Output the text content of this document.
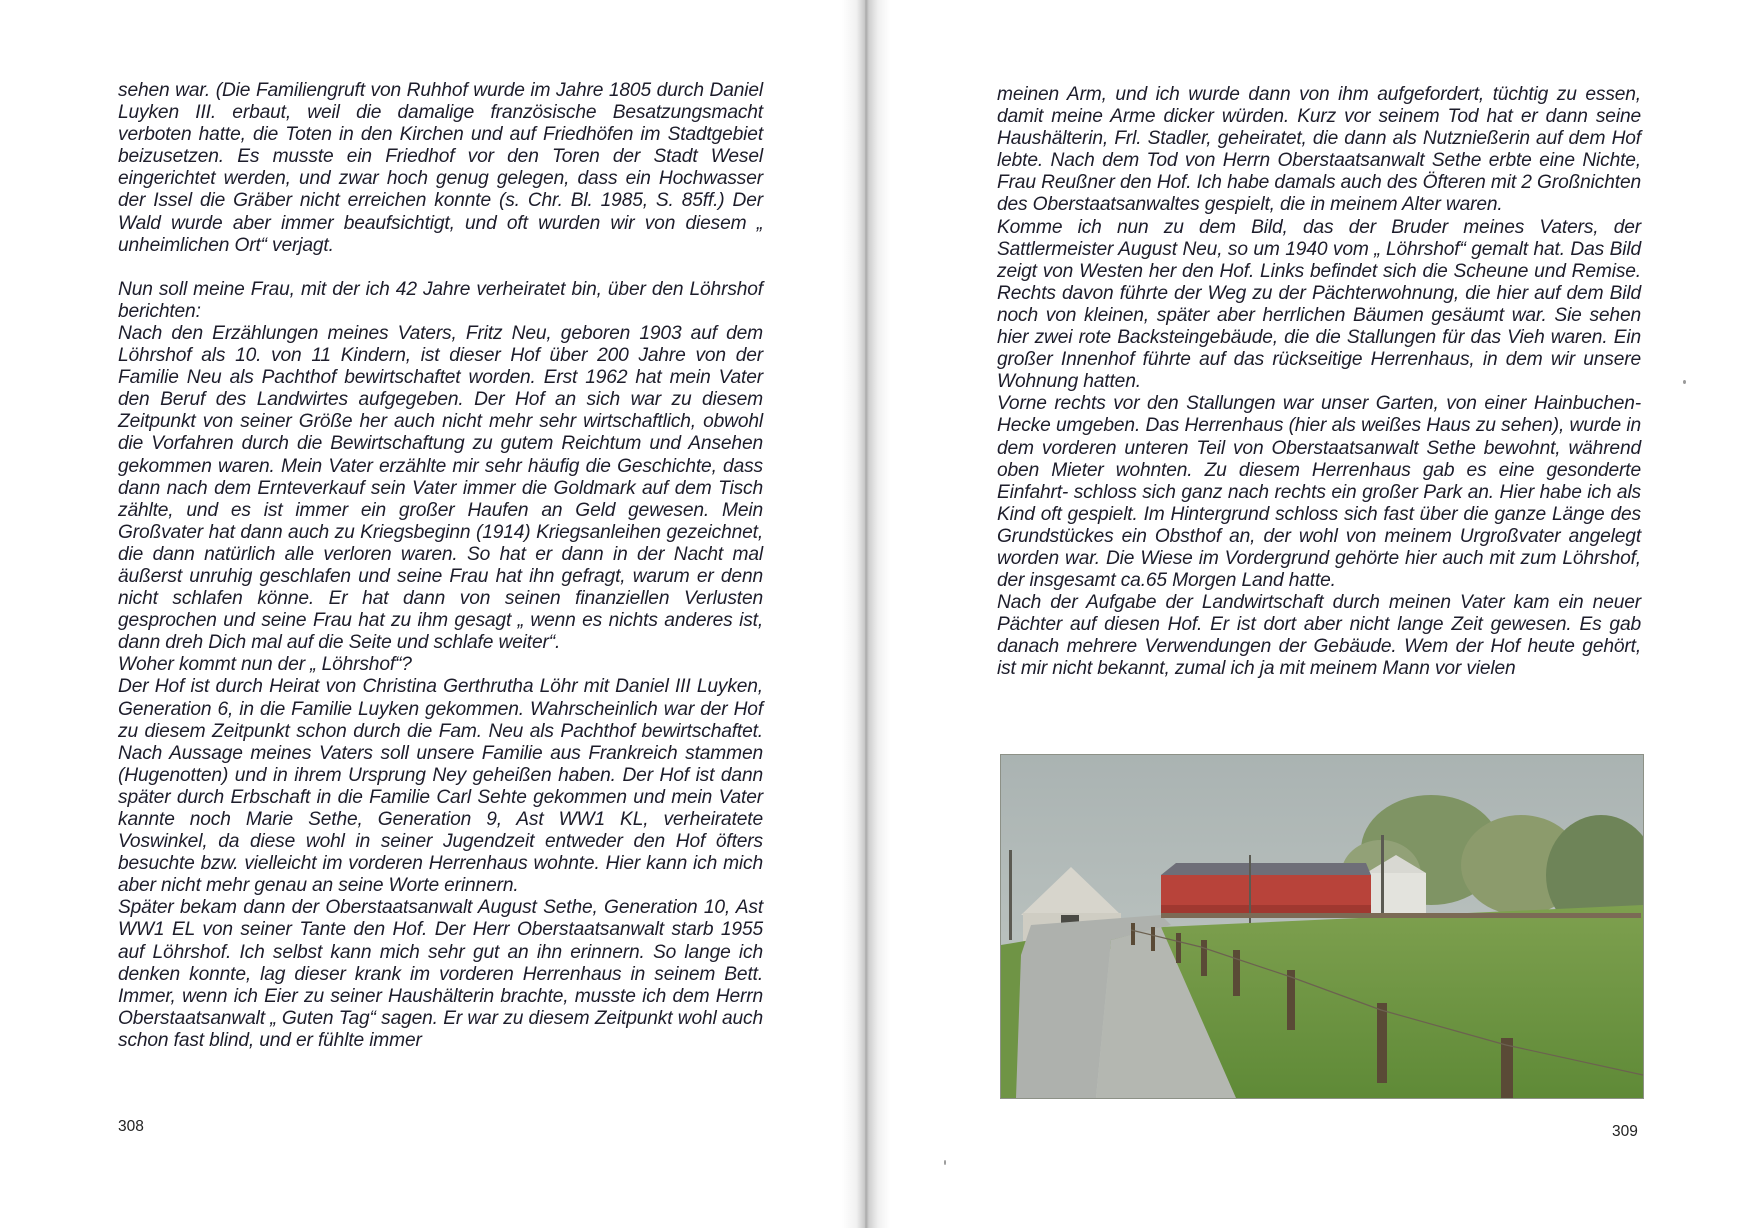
sehen war. (Die Familiengruft von Ruhhof wurde im Jahre 1805 durch Daniel Luyken III. erbaut, weil die damalige französische Besatzungsmacht verboten hatte, die Toten in den Kirchen und auf Friedhöfen im Stadtgebiet beizusetzen. Es musste ein Friedhof vor den Toren der Stadt Wesel eingerichtet werden, und zwar hoch genug gelegen, dass ein Hochwasser der Issel die Gräber nicht erreichen konnte (s. Chr. Bl. 1985, S. 85ff.) Der Wald wurde aber immer beaufsichtigt, und oft wurden wir von diesem „ unheimlichen Ort“ verjagt.

Nun soll meine Frau, mit der ich 42 Jahre verheiratet bin, über den Löhrshof berichten:

Nach den Erzählungen meines Vaters, Fritz Neu, geboren 1903 auf dem Löhrshof als 10. von 11 Kindern, ist dieser Hof über 200 Jahre von der Familie Neu als Pachthof bewirtschaftet worden. Erst 1962 hat mein Vater den Beruf des Landwirtes aufgegeben. Der Hof an sich war zu diesem Zeitpunkt von seiner Größe her auch nicht mehr sehr wirtschaftlich, obwohl die Vorfahren durch die Bewirtschaftung zu gutem Reichtum und Ansehen gekommen waren. Mein Vater erzählte mir sehr häufig die Geschichte, dass dann nach dem Ernteverkauf sein Vater immer die Goldmark auf dem Tisch zählte, und es ist immer ein großer Haufen an Geld gewesen. Mein Großvater hat dann auch zu Kriegsbeginn (1914) Kriegsanleihen gezeichnet, die dann natürlich alle verloren waren. So hat er dann in der Nacht mal äußerst unruhig geschlafen und seine Frau hat ihn gefragt, warum er denn nicht schlafen könne. Er hat dann von seinen finanziellen Verlusten gesprochen und seine Frau hat zu ihm gesagt „ wenn es nichts anderes ist, dann dreh Dich mal auf die Seite und schlafe weiter“.

Woher kommt nun der „ Löhrshof“?

Der Hof ist durch Heirat von Christina Gerthrutha Löhr mit Daniel III Luyken, Generation 6, in die Familie Luyken gekommen. Wahrscheinlich war der Hof zu diesem Zeitpunkt schon durch die Fam. Neu als Pachthof bewirtschaftet. Nach Aussage meines Vaters soll unsere Familie aus Frankreich stammen (Hugenotten) und in ihrem Ursprung Ney geheißen haben. Der Hof ist dann später durch Erbschaft in die Familie Carl Sehte gekommen und mein Vater kannte noch Marie Sethe, Generation 9, Ast WW1 KL, verheiratete Voswinkel, da diese wohl in seiner Jugendzeit entweder den Hof öfters besuchte bzw. vielleicht im vorderen Herrenhaus wohnte. Hier kann ich mich aber nicht mehr genau an seine Worte erinnern.

Später bekam dann der Oberstaatsanwalt August Sethe, Generation 10, Ast WW1 EL von seiner Tante den Hof. Der Herr Oberstaatsanwalt starb 1955 auf Löhrshof. Ich selbst kann mich sehr gut an ihn erinnern. So lange ich denken konnte, lag dieser krank im vorderen Herrenhaus in seinem Bett. Immer, wenn ich Eier zu seiner Haushälterin brachte, musste ich dem Herrn Oberstaatsanwalt „ Guten Tag“ sagen. Er war zu diesem Zeitpunkt wohl auch schon fast blind, und er fühlte immer

308

meinen Arm, und ich wurde dann von ihm aufgefordert, tüchtig zu essen, damit meine Arme dicker würden. Kurz vor seinem Tod hat er dann seine Haushälterin, Frl. Stadler, geheiratet, die dann als Nutznießerin auf dem Hof lebte. Nach dem Tod von Herrn Oberstaatsanwalt Sethe erbte eine Nichte, Frau Reußner den Hof. Ich habe damals auch des Öfteren mit 2 Großnichten des Oberstaatsanwaltes gespielt, die in meinem Alter waren.

Komme ich nun zu dem Bild, das der Bruder meines Vaters, der Sattlermeister August Neu, so um 1940 vom „ Löhrshof“ gemalt hat. Das Bild zeigt von Westen her den Hof. Links befindet sich die Scheune und Remise. Rechts davon führte der Weg zu der Pächterwohnung, die hier auf dem Bild noch von kleinen, später aber herrlichen Bäumen gesäumt war. Sie sehen hier zwei rote Backsteingebäude, die die Stallungen für das Vieh waren. Ein großer Innenhof führte auf das rückseitige Herrenhaus, in dem wir unsere Wohnung hatten.

Vorne rechts vor den Stallungen war unser Garten, von einer Hainbuchen-Hecke umgeben. Das Herrenhaus (hier als weißes Haus zu sehen), wurde in dem vorderen unteren Teil von Oberstaatsanwalt Sethe bewohnt, während oben Mieter wohnten. Zu diesem Herrenhaus gab es eine gesonderte Einfahrt- schloss sich ganz nach rechts ein großer Park an. Hier habe ich als Kind oft gespielt. Im Hintergrund schloss sich fast über die ganze Länge des Grundstückes ein Obsthof an, der wohl von meinem Urgroßvater angelegt worden war. Die Wiese im Vordergrund gehörte hier auch mit zum Löhrshof, der insgesamt ca.65 Morgen Land hatte.

Nach der Aufgabe der Landwirtschaft durch meinen Vater kam ein neuer Pächter auf diesen Hof. Er ist dort aber nicht lange Zeit gewesen. Es gab danach mehrere Verwendungen der Gebäude. Wem der Hof heute gehört, ist mir nicht bekannt, zumal ich ja mit meinem Mann vor vielen

309
